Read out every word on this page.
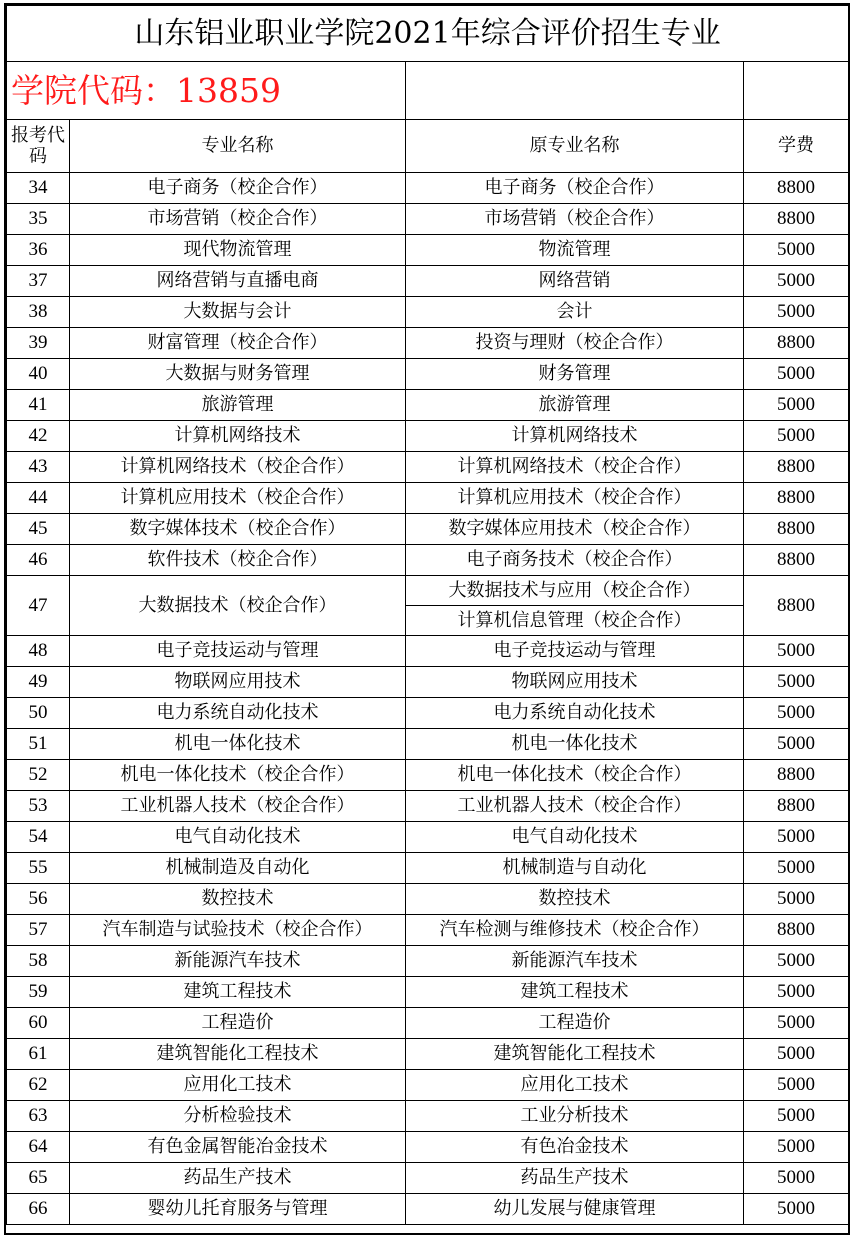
山东铝业职业学院2021年综合评价招生专业			
学院代码：13859			
报考代码	专业名称	原专业名称	学费
34	电子商务（校企合作）	电子商务（校企合作）	8800
35	市场营销（校企合作）	市场营销（校企合作）	8800
36	现代物流管理	物流管理	5000
37	网络营销与直播电商	网络营销	5000
38	大数据与会计	会计	5000
39	财富管理（校企合作）	投资与理财（校企合作）	8800
40	大数据与财务管理	财务管理	5000
41	旅游管理	旅游管理	5000
42	计算机网络技术	计算机网络技术	5000
43	计算机网络技术（校企合作）	计算机网络技术（校企合作）	8800
44	计算机应用技术（校企合作）	计算机应用技术（校企合作）	8800
45	数字媒体技术（校企合作）	数字媒体应用技术（校企合作）	8800
46	软件技术（校企合作）	电子商务技术（校企合作）	8800
47	大数据技术（校企合作）	大数据技术与应用（校企合作）	8800
		计算机信息管理（校企合作）	
48	电子竞技运动与管理	电子竞技运动与管理	5000
49	物联网应用技术	物联网应用技术	5000
50	电力系统自动化技术	电力系统自动化技术	5000
51	机电一体化技术	机电一体化技术	5000
52	机电一体化技术（校企合作）	机电一体化技术（校企合作）	8800
53	工业机器人技术（校企合作）	工业机器人技术（校企合作）	8800
54	电气自动化技术	电气自动化技术	5000
55	机械制造及自动化	机械制造与自动化	5000
56	数控技术	数控技术	5000
57	汽车制造与试验技术（校企合作）	汽车检测与维修技术（校企合作）	8800
58	新能源汽车技术	新能源汽车技术	5000
59	建筑工程技术	建筑工程技术	5000
60	工程造价	工程造价	5000
61	建筑智能化工程技术	建筑智能化工程技术	5000
62	应用化工技术	应用化工技术	5000
63	分析检验技术	工业分析技术	5000
64	有色金属智能冶金技术	有色冶金技术	5000
65	药品生产技术	药品生产技术	5000
66	婴幼儿托育服务与管理	幼儿发展与健康管理	5000
